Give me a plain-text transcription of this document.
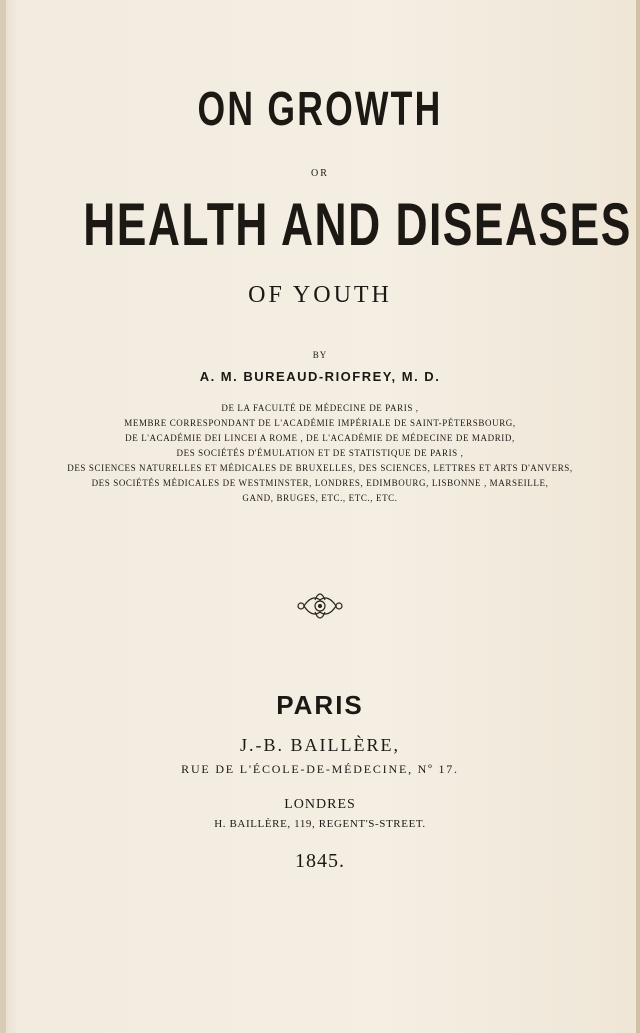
ON GROWTH
OR
HEALTH AND DISEASES
OF YOUTH
BY
A. M. BUREAUD-RIOFREY, M. D.
DE LA FACULTÉ DE MÉDECINE DE PARIS ,
MEMBRE CORRESPONDANT DE L'ACADÉMIE IMPÉRIALE DE SAINT-PÉTERSBOURG,
DE L'ACADÉMIE DEI LINCEI A ROME , DE L'ACADÉMIE DE MÉDECINE DE MADRID,
DES SOCIÉTÉS D'ÉMULATION ET DE STATISTIQUE DE PARIS ,
DES SCIENCES NATURELLES ET MÉDICALES DE BRUXELLES, DES SCIENCES, LETTRES ET ARTS D'ANVERS,
DES SOCIÉTÉS MÉDICALES DE WESTMINSTER, LONDRES, EDIMBOURG, LISBONNE , MARSEILLE,
GAND, BRUGES, ETC., ETC., ETC.
PARIS
J.-B. BAILLÈRE,
RUE DE L'ÉCOLE-DE-MÉDECINE, Nº 17.
LONDRES
H. BAILLÈRE, 119, REGENT'S-STREET.
1845.
